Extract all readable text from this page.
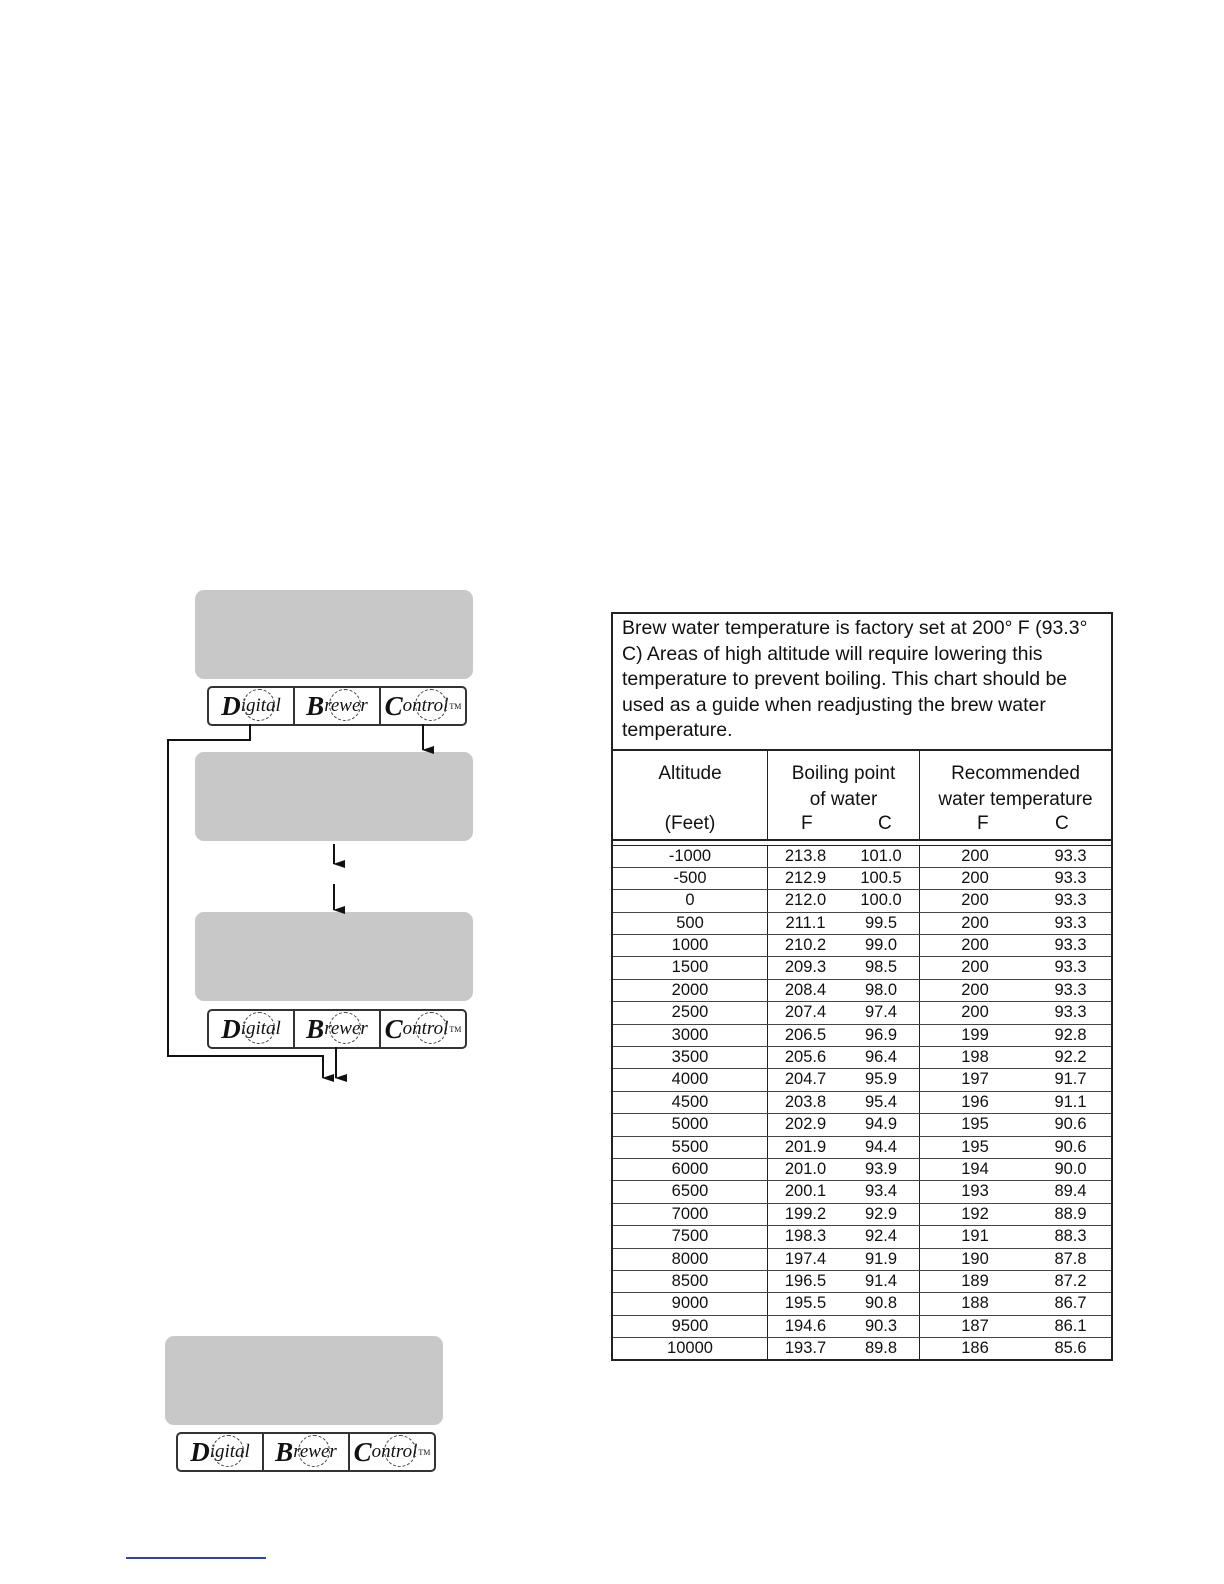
D igital B rewer C ontrol TM
D igital B rewer C ontrol TM
D igital B rewer C ontrol TM
Brew water temperature is factory set at 200° F (93.3° C) Areas of high altitude will require lowering this temperature to prevent boiling. This chart should be used as a guide when readjusting the brew water temperature.
Altitude
(Feet)
Boiling point
of water
F	C
Recommended
water temperature
F	C
-1000	213.8	101.0	200	93.3
-500	212.9	100.5	200	93.3
0	212.0	100.0	200	93.3
500	211.1	99.5	200	93.3
1000	210.2	99.0	200	93.3
1500	209.3	98.5	200	93.3
2000	208.4	98.0	200	93.3
2500	207.4	97.4	200	93.3
3000	206.5	96.9	199	92.8
3500	205.6	96.4	198	92.2
4000	204.7	95.9	197	91.7
4500	203.8	95.4	196	91.1
5000	202.9	94.9	195	90.6
5500	201.9	94.4	195	90.6
6000	201.0	93.9	194	90.0
6500	200.1	93.4	193	89.4
7000	199.2	92.9	192	88.9
7500	198.3	92.4	191	88.3
8000	197.4	91.9	190	87.8
8500	196.5	91.4	189	87.2
9000	195.5	90.8	188	86.7
9500	194.6	90.3	187	86.1
10000	193.7	89.8	186	85.6
